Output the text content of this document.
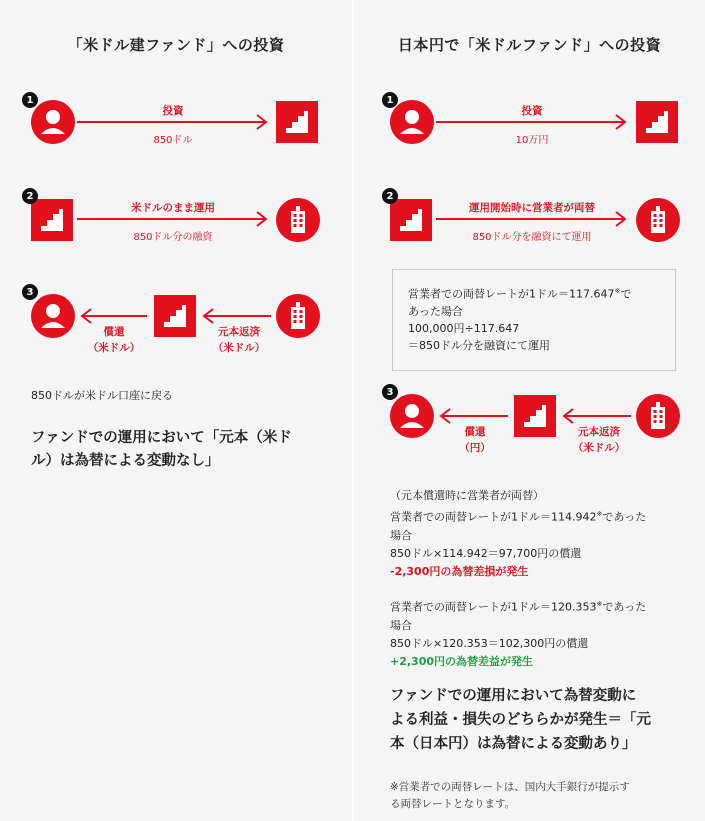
「米ドル建ファンド」への投資
1
投資
850ドル
2
米ドルのまま運用
850ドル分の融資
3
償還
（米ドル）
元本返済
（米ドル）
850ドルが米ドル口座に戻る
ファンドでの運用において「元本（米ド
ル）は為替による変動なし」
日本円で「米ドルファンド」への投資
1
投資
10万円
2
運用開始時に営業者が両替
850ドル分を融資にて運用
営業者での両替レートが1ドル＝117.647※で
あった場合
100,000円÷117.647
＝850ドル分を融資にて運用
3
償還
（円）
元本返済
（米ドル）
（元本償還時に営業者が両替）
営業者での両替レートが1ドル＝114.942※であった
場合
850ドル×114.942＝97,700円の償還
-2,300円の為替差損が発生
営業者での両替レートが1ドル＝120.353※であった
場合
850ドル×120.353＝102,300円の償還
+2,300円の為替差益が発生
ファンドでの運用において為替変動に
よる利益・損失のどちらかが発生＝「元
本（日本円）は為替による変動あり」
※営業者での両替レートは、国内大手銀行が提示す
る両替レートとなります。
